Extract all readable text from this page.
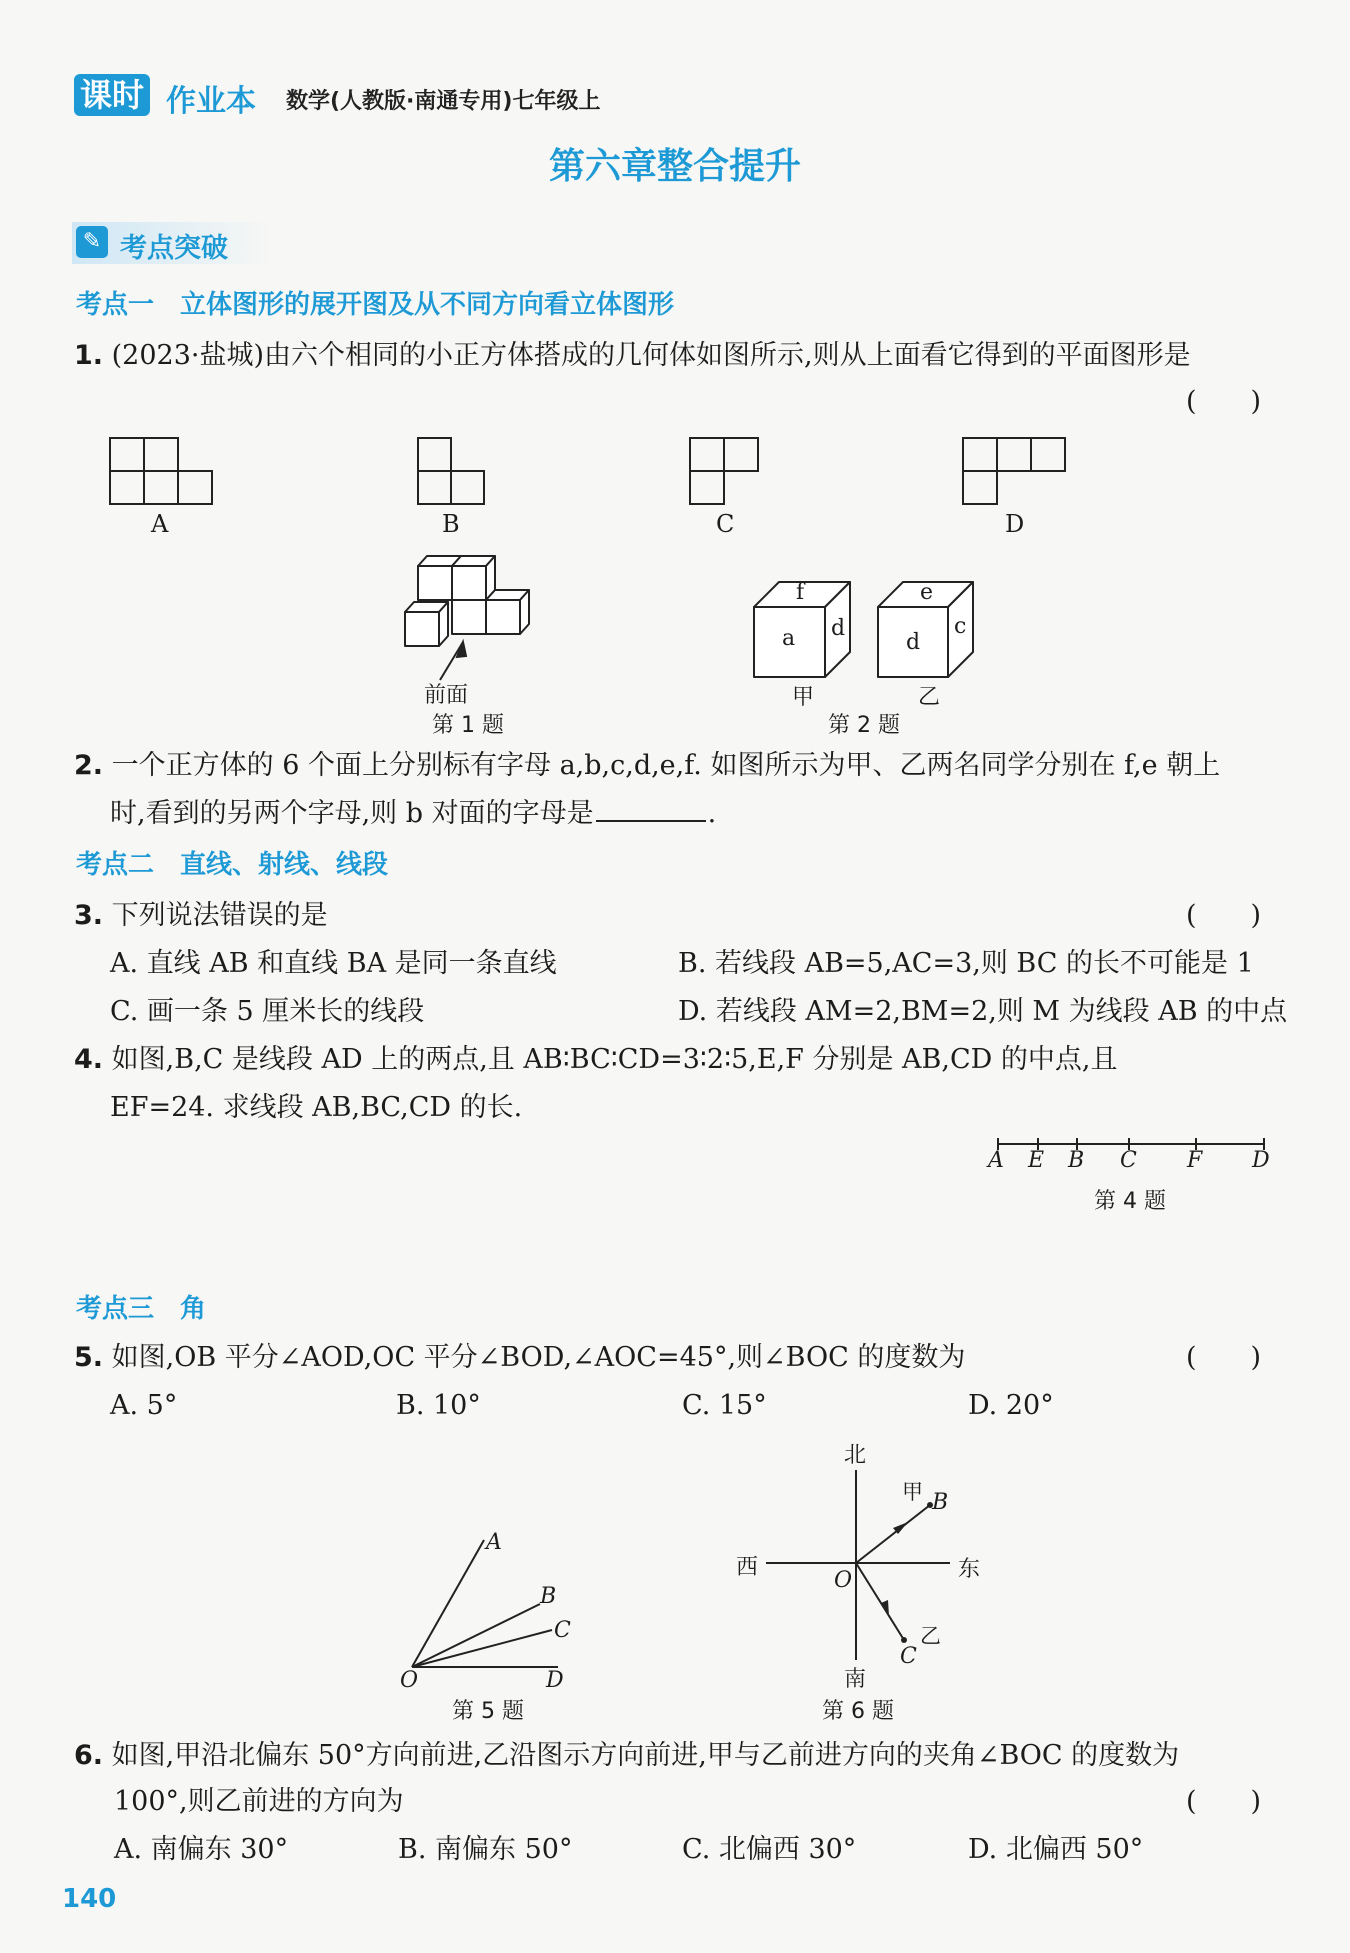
课时 作业本 数学(人教版·南通专用)七年级上
第六章整合提升
✎ 考点突破
考点一　立体图形的展开图及从不同方向看立体图形
1. (2023·盐城)由六个相同的小正方体搭成的几何体如图所示,则从上面看它得到的平面图形是
(　　)
A	B	C	D
前面
第 1 题
f
a d
甲
e
d
c
乙
第 2 题
2. 一个正方体的 6 个面上分别标有字母 a,b,c,d,e,f. 如图所示为甲、乙两名同学分别在 f,e 朝上
时,看到的另两个字母,则 b 对面的字母是	.
考点二　直线、射线、线段
3. 下列说法错误的是	(　　)
A. 直线 AB 和直线 BA 是同一条直线	B. 若线段 AB=5,AC=3,则 BC 的长不可能是 1
C. 画一条 5 厘米长的线段	D. 若线段 AM=2,BM=2,则 M 为线段 AB 的中点
4. 如图,B,C 是线段 AD 上的两点,且 AB∶BC∶CD=3∶2∶5,E,F 分别是 AB,CD 的中点,且
EF=24. 求线段 AB,BC,CD 的长.
A E B C F D
第 4 题
考点三　角
5. 如图,OB 平分∠AOD,OC 平分∠BOD,∠AOC=45°,则∠BOC 的度数为	(　　)
A. 5°	B. 10°	C. 15°	D. 20°
A
B
C
D
O
第 5 题
北
南
西	东
O
甲 B
乙
C
第 6 题
6. 如图,甲沿北偏东 50°方向前进,乙沿图示方向前进,甲与乙前进方向的夹角∠BOC 的度数为
100°,则乙前进的方向为	(　　)
A. 南偏东 30°	B. 南偏东 50°	C. 北偏西 30°	D. 北偏西 50°
140
